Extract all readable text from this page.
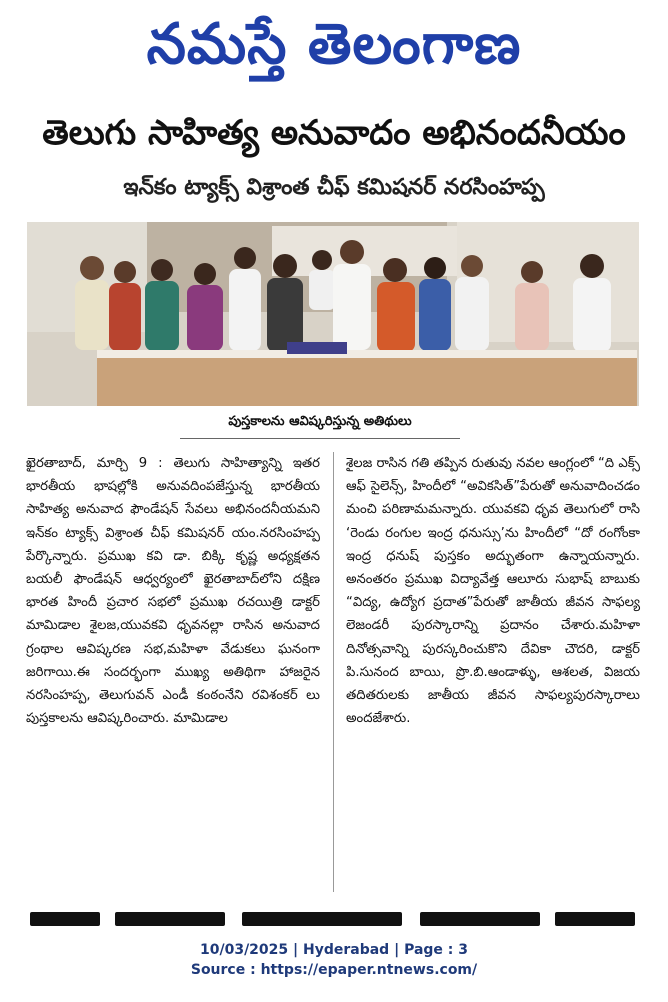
నమస్తే తెలంగాణ
తెలుగు సాహిత్య అనువాదం అభినందనీయం
ఇన్‌కం ట్యాక్స్ విశ్రాంత చీఫ్ కమిషనర్ నరసింహప్ప
పుస్తకాలను ఆవిష్కరిస్తున్న అతిథులు
ఖైరతాబాద్, మార్చి 9 : తెలుగు సాహిత్యాన్ని ఇతర భారతీయ భాషల్లోకి అనువదింపజేస్తున్న భారతీయ సాహిత్య అనువాద ఫౌండేషన్ సేవలు అభినందనీయమని ఇన్‌కం ట్యాక్స్ విశ్రాంత చీఫ్ కమిషనర్ యం.నరసింహప్ప పేర్కొన్నారు. ప్రముఖ కవి డా. బిక్కి కృష్ణ అధ్యక్షతన బయలీ ఫౌండేషన్ ఆధ్వర్యంలో ఖైరతాబాద్‌లోని దక్షిణ భారత హిందీ ప్రచార సభలో ప్రముఖ రచయిత్రి డాక్టర్ మామిడాల శైలజ,యువకవి ధృవనల్లా రాసిన అనువాద గ్రంథాల ఆవిష్కరణ సభ,మహిళా వేడుకలు ఘనంగా జరిగాయి.ఈ సందర్భంగా ముఖ్య అతిథిగా హాజరైన నరసింహప్ప, తెలుగువన్ ఎండీ కంఠంనేని రవిశంకర్ లు పుస్తకాలను ఆవిష్కరించారు. మామిడాల
శైలజ రాసిన గతి తప్పిన రుతువు నవల ఆంగ్లంలో “ది ఎక్స్ ఆఫ్ సైలెన్స్, హిందీలో “అవికసిత్”పేరుతో అనువాదించడం మంచి పరిణామమన్నారు. యువకవి ధృవ తెలుగులో రాసి ‘రెండు రంగుల ఇంద్ర ధనుస్సు’ను హిందీలో “దో రంగోంకా ఇంద్ర ధనుష్ పుస్తకం అద్భుతంగా ఉన్నాయన్నారు. అనంతరం ప్రముఖ విద్యావేత్త ఆలూరు సుభాష్ బాబుకు “విద్య, ఉద్యోగ ప్రదాత”పేరుతో జాతీయ జీవన సాఫల్య లెజండరీ పురస్కారాన్ని ప్రదానం చేశారు.మహిళా దినోత్సవాన్ని పురస్కరించుకొని దేవికా చౌదరి, డాక్టర్ పి.సునంద బాయి, ప్రొ.బి.ఆండాళ్ళు, ఆశలత, విజయ తదితరులకు జాతీయ జీవన సాఫల్యపురస్కారాలు అందజేశారు.
10/03/2025 | Hyderabad | Page : 3
Source : https://epaper.ntnews.com/
